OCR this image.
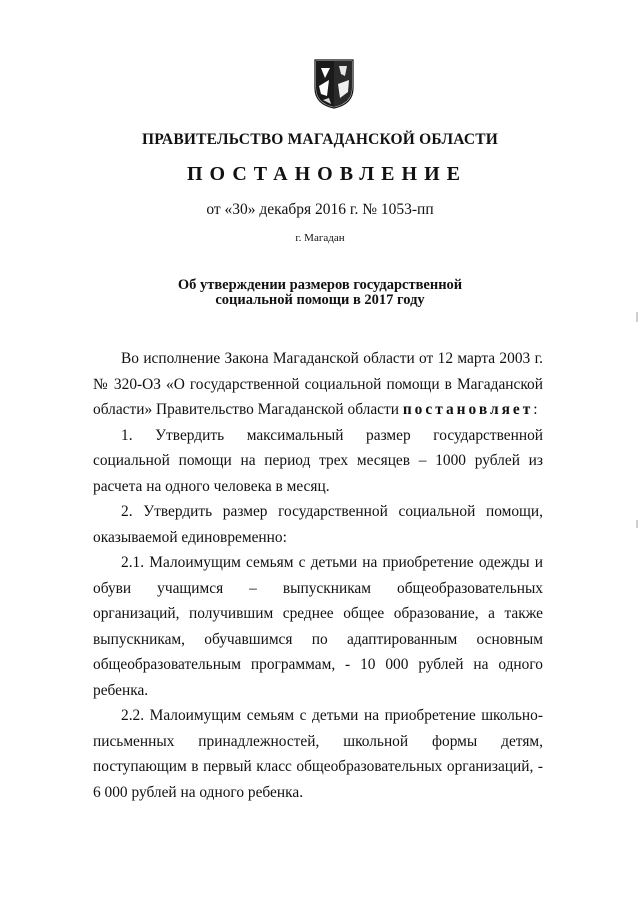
ПРАВИТЕЛЬСТВО МАГАДАНСКОЙ ОБЛАСТИ
ПОСТАНОВЛЕНИЕ
от «30» декабря 2016 г. № 1053-пп
г. Магадан
Об утверждении размеров государственной
социальной помощи в 2017 году

Во исполнение Закона Магаданской области от 12 марта 2003 г. № 320-ОЗ «О государственной социальной помощи в Магаданской области» Правительство Магаданской области постановляет:

1. Утвердить максимальный размер государственной социальной помощи на период трех месяцев – 1000 рублей из расчета на одного человека в месяц.

2. Утвердить размер государственной социальной помощи, оказываемой единовременно:

2.1. Малоимущим семьям с детьми на приобретение одежды и обуви учащимся – выпускникам общеобразовательных организаций, получившим среднее общее образование, а также выпускникам, обучавшимся по адаптированным основным общеобразовательным программам, - 10 000 рублей на одного ребенка.

2.2. Малоимущим семьям с детьми на приобретение школьно-письменных принадлежностей, школьной формы детям, поступающим в первый класс общеобразовательных организаций, - 6 000 рублей на одного ребенка.
